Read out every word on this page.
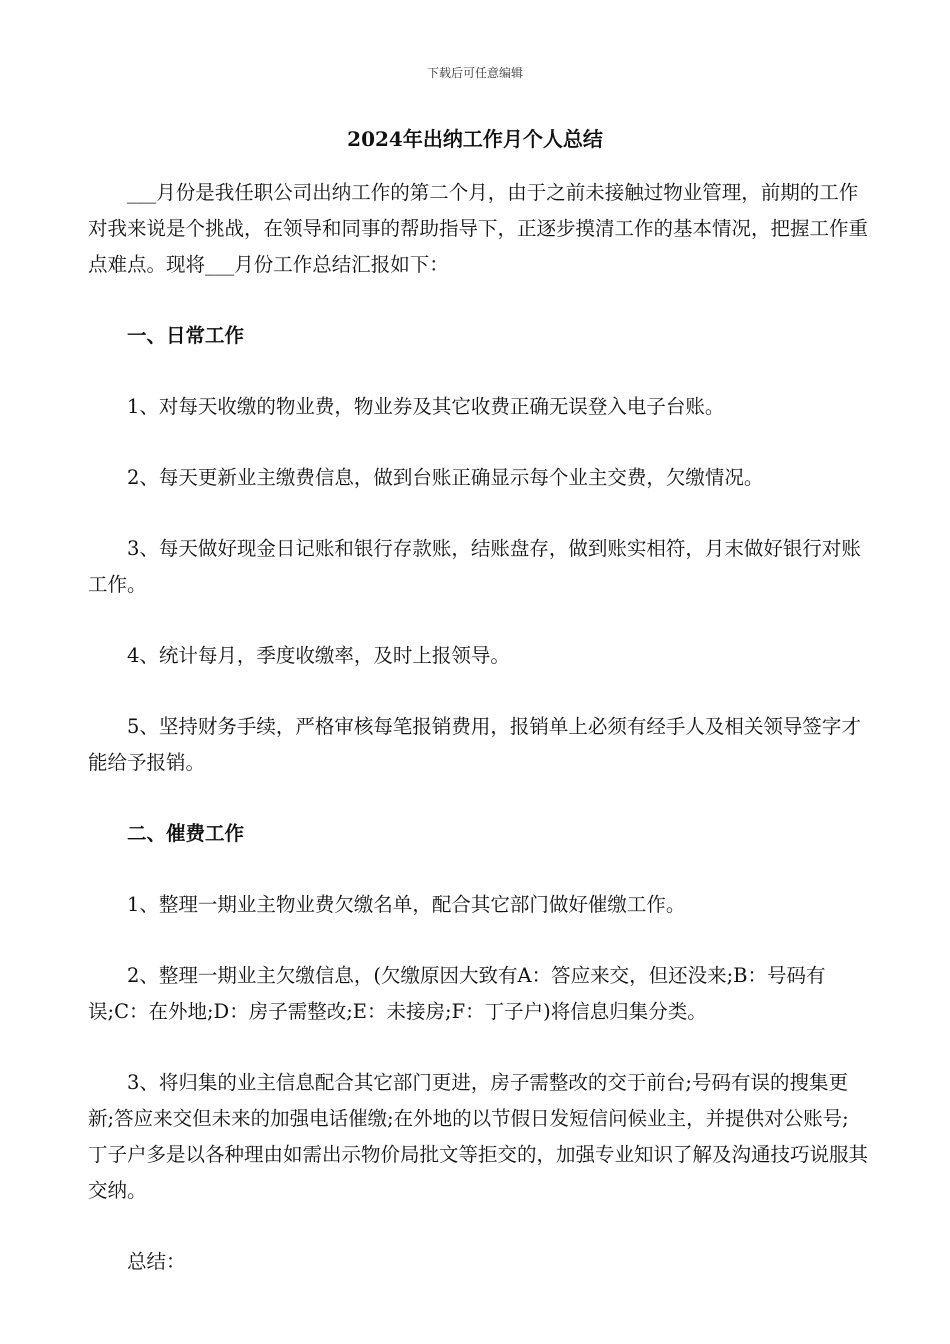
下载后可任意编辑
2024年出纳工作月个人总结

___月份是我任职公司出纳工作的第二个月，由于之前未接触过物业管理，前期的工作对我来说是个挑战，在领导和同事的帮助指导下，正逐步摸清工作的基本情况，把握工作重点难点。现将___月份工作总结汇报如下：

一、日常工作

1、对每天收缴的物业费，物业券及其它收费正确无误登入电子台账。

2、每天更新业主缴费信息，做到台账正确显示每个业主交费，欠缴情况。

3、每天做好现金日记账和银行存款账，结账盘存，做到账实相符，月末做好银行对账工作。

4、统计每月，季度收缴率，及时上报领导。

5、坚持财务手续，严格审核每笔报销费用，报销单上必须有经手人及相关领导签字才能给予报销。

二、催费工作

1、整理一期业主物业费欠缴名单，配合其它部门做好催缴工作。

2、整理一期业主欠缴信息，(欠缴原因大致有A：答应来交，但还没来;B：号码有误;C：在外地;D：房子需整改;E：未接房;F：丁子户)将信息归集分类。

3、将归集的业主信息配合其它部门更进，房子需整改的交于前台;号码有误的搜集更新;答应来交但未来的加强电话催缴;在外地的以节假日发短信问候业主，并提供对公账号;丁子户多是以各种理由如需出示物价局批文等拒交的，加强专业知识了解及沟通技巧说服其交纳。

总结：
